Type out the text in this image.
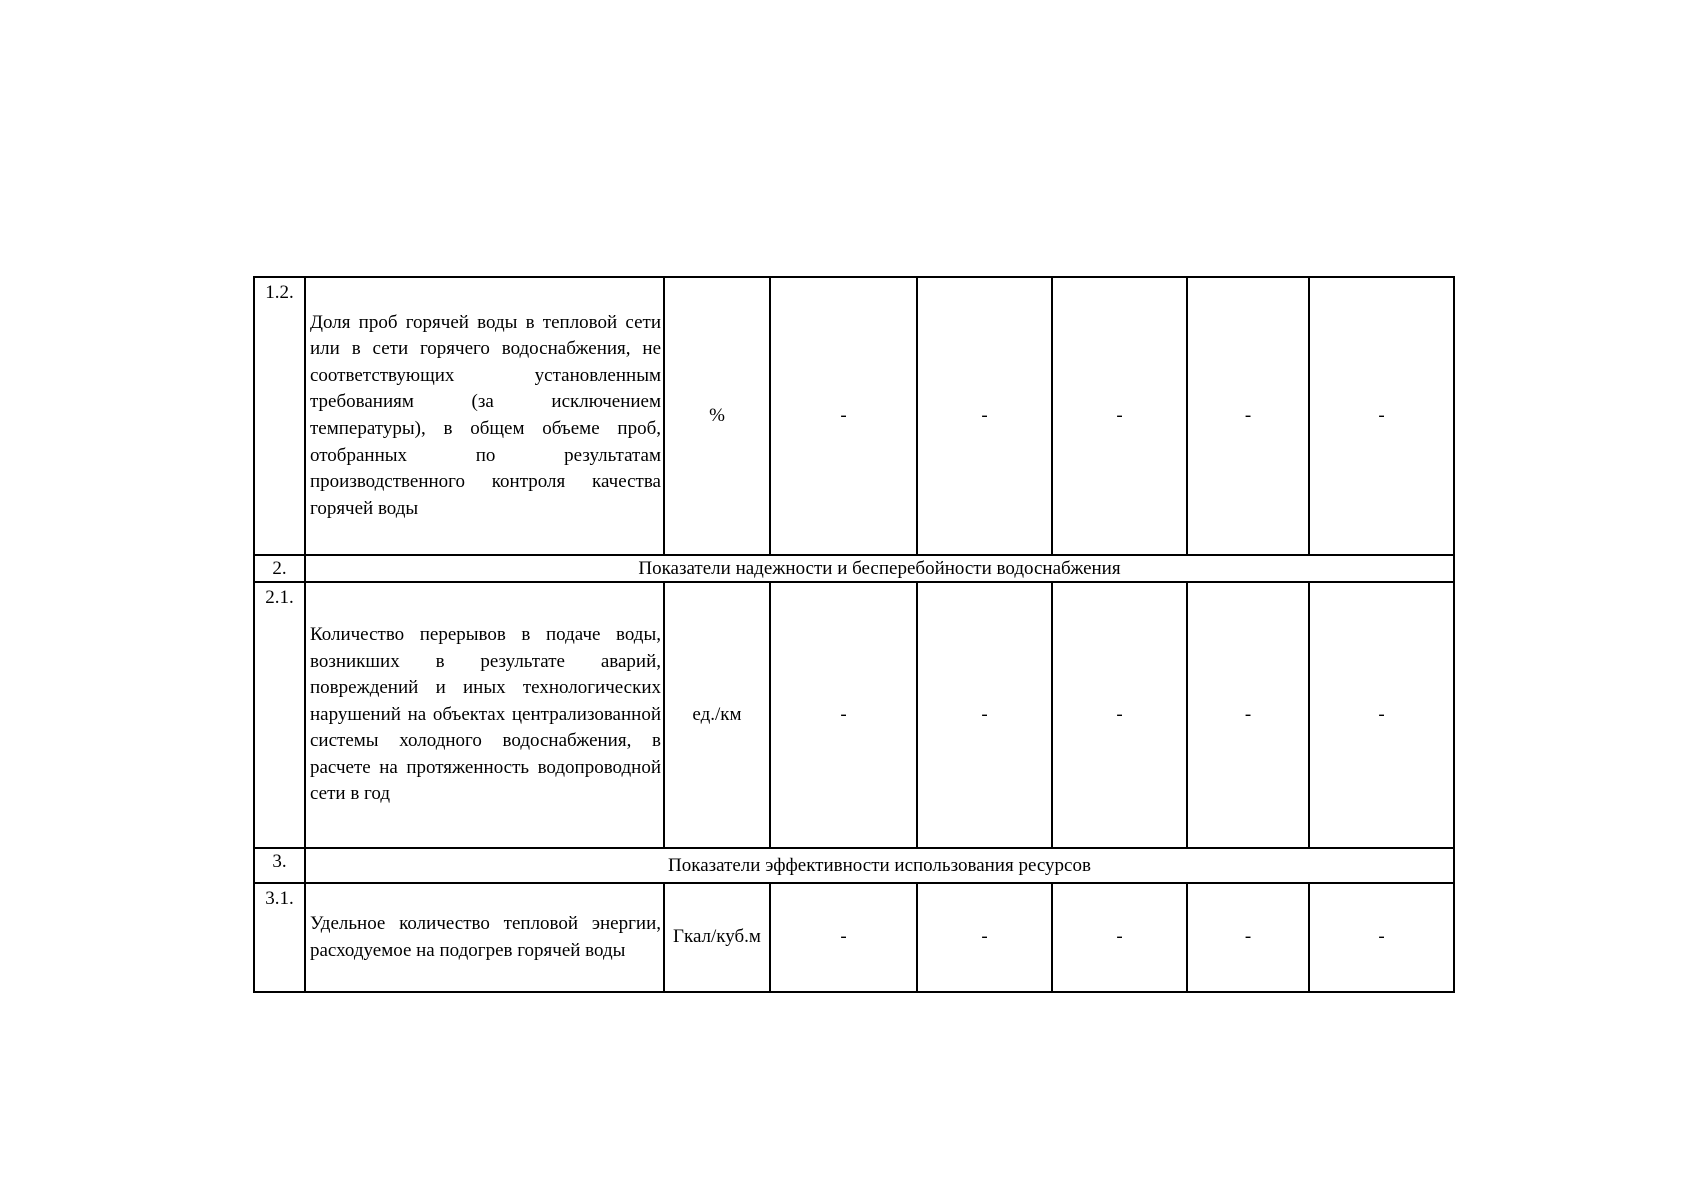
1.2.	Доля проб горячей воды в тепловой сети или в сети горячего водоснабжения, не соответствующих установленным требованиям (за исключением температуры), в общем объеме проб, отобранных по результатам производственного контроля качества горячей воды	%	-	-	-	-	-
2.	Показатели надежности и бесперебойности водоснабжения						
2.1.	Количество перерывов в подаче воды, возникших в результате аварий, повреждений и иных технологических нарушений на объектах централизованной системы холодного водоснабжения, в расчете на протяженность водопроводной сети в год	ед./км	-	-	-	-	-
3.	Показатели эффективности использования ресурсов						
3.1.	Удельное количество тепловой энергии, расходуемое на подогрев горячей воды	Гкал/куб.м	-	-	-	-	-
